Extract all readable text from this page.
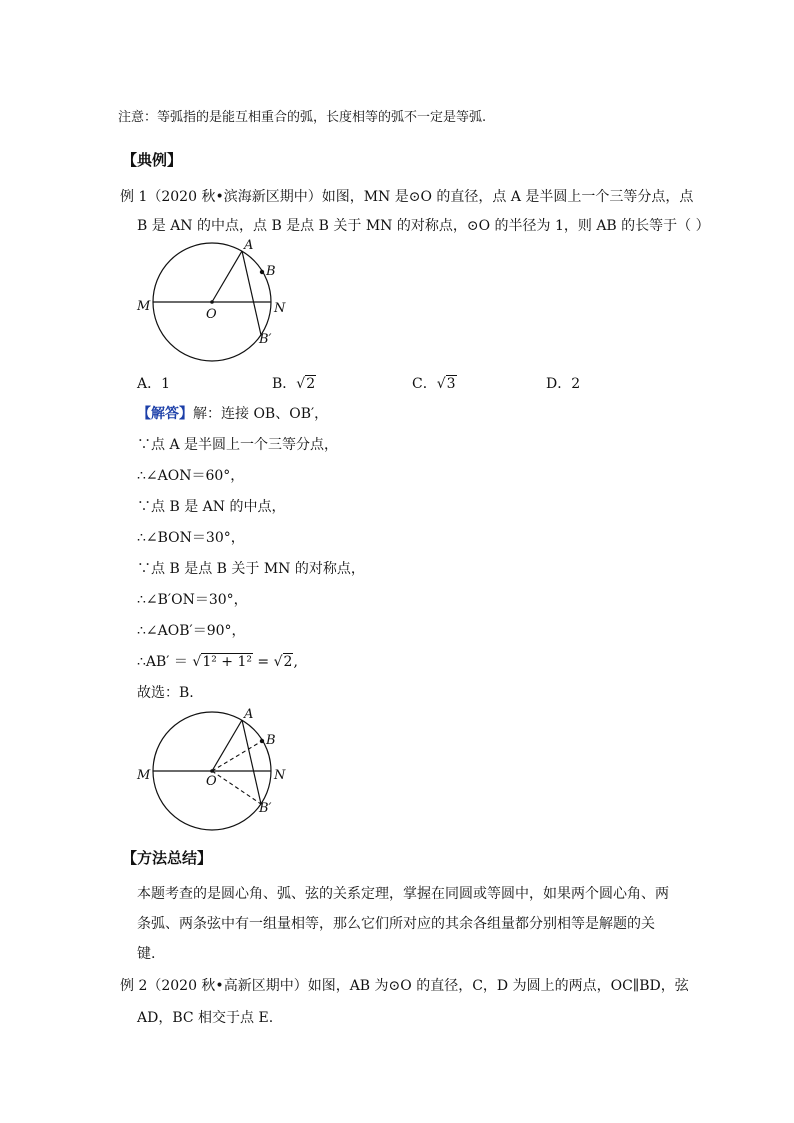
注意：等弧指的是能互相重合的弧，长度相等的弧不一定是等弧.
【典例】
例 1（2020 秋•滨海新区期中）如图，MN 是⊙O 的直径，点 A 是半圆上一个三等分点，点
B 是 AN 的中点，点 B 是点 B 关于 MN 的对称点，⊙O 的半径为 1，则 AB 的长等于（ ）
A
B
M	N
O
B′
A．1	B．√2	C．√3	D．2
【解答】解：连接 OB、OB′，
∵点 A 是半圆上一个三等分点，
∴∠AON＝60°，
∵点 B 是 AN 的中点，
∴∠BON＝30°，
∵点 B 是点 B 关于 MN 的对称点，
∴∠B′ON＝30°，
∴∠AOB′＝90°，
∴AB′ ＝ √1² + 1² = √2,
故选：B.
A
B
M	N
O
B′
【方法总结】
本题考查的是圆心角、弧、弦的关系定理，掌握在同圆或等圆中，如果两个圆心角、两
条弧、两条弦中有一组量相等，那么它们所对应的其余各组量都分别相等是解题的关
键.
例 2（2020 秋•高新区期中）如图，AB 为⊙O 的直径，C，D 为圆上的两点，OC∥BD，弦
AD，BC 相交于点 E.
